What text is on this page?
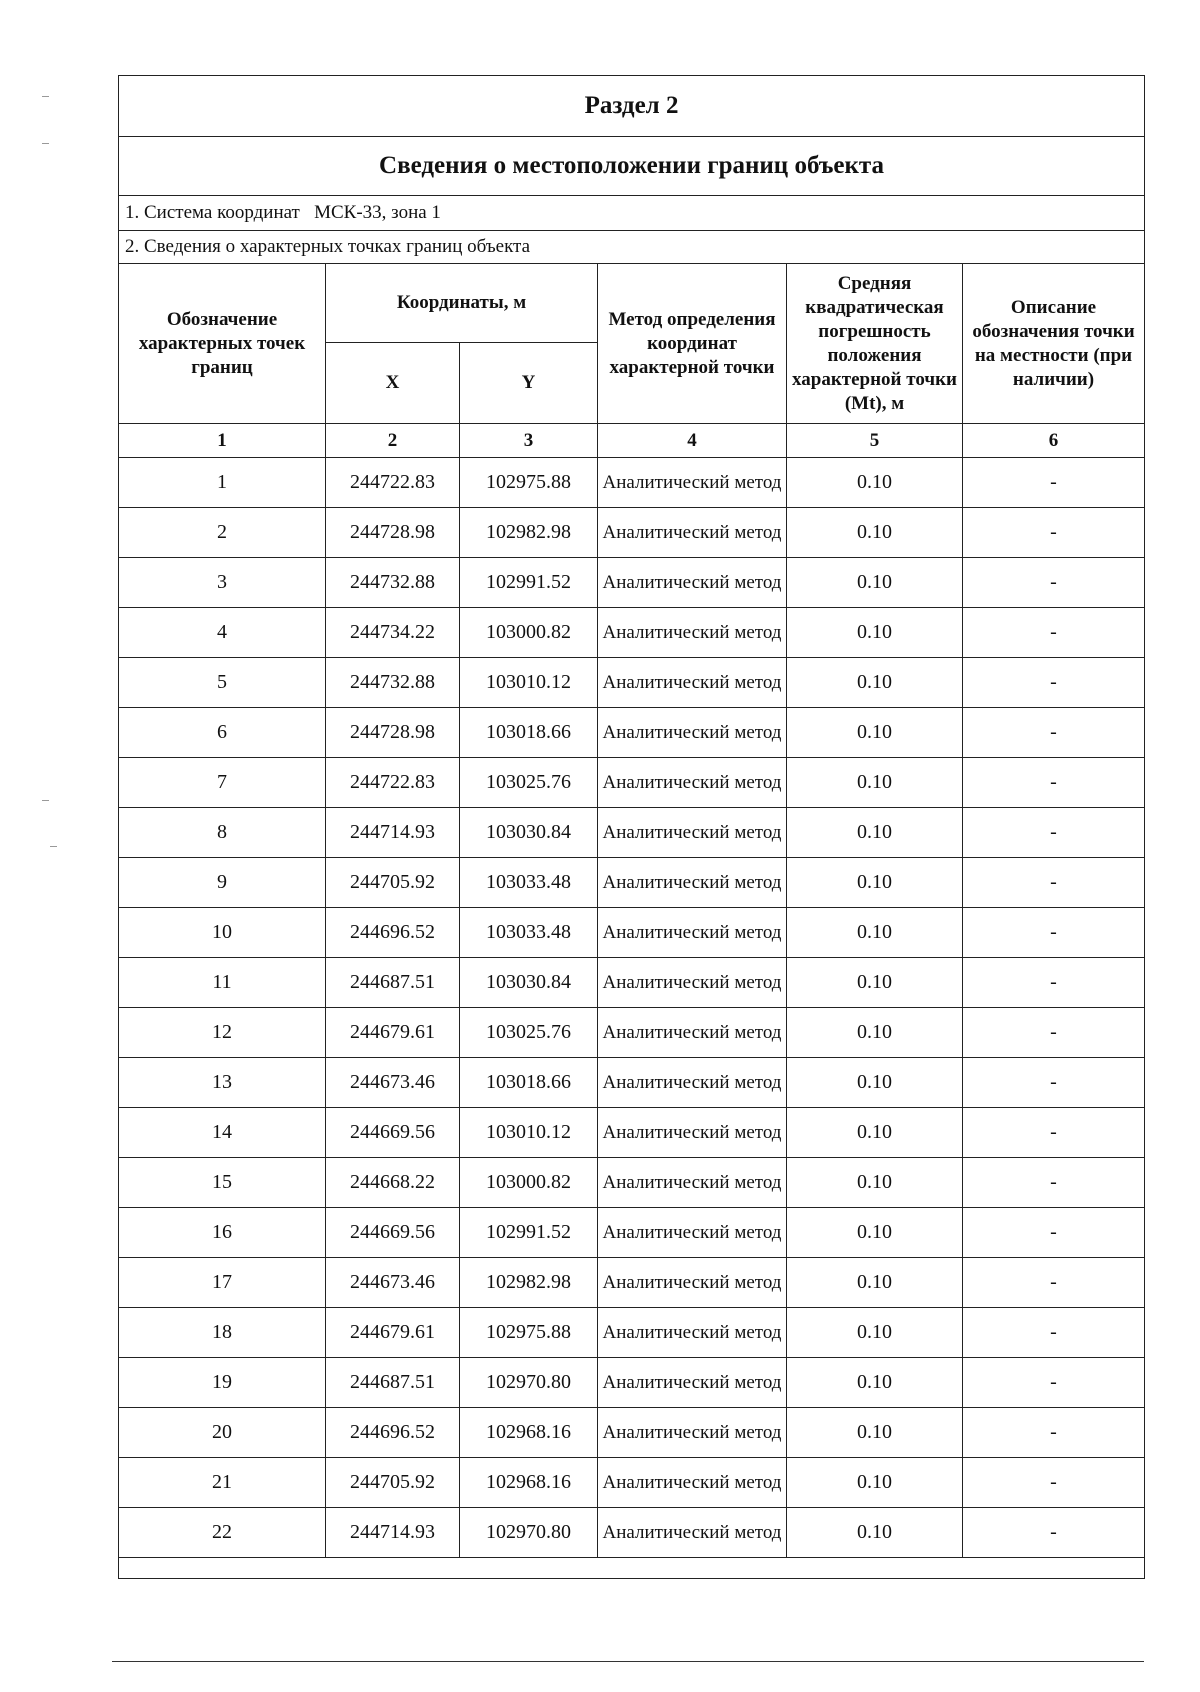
Раздел 2					
Сведения о местоположении границ объекта					
1. Система координат МСК-33, зона 1					
2. Сведения о характерных точках границ объекта					
Обозначение характерных точек границ	Координаты, м		Метод определения координат характерной точки	Средняя квадратическая погрешность положения характерной точки (Mt), м	Описание обозначения точки на местности (при наличии)
	X	Y			
1	2	3	4	5	6
1	244722.83	102975.88	Аналитический метод	0.10	-
2	244728.98	102982.98	Аналитический метод	0.10	-
3	244732.88	102991.52	Аналитический метод	0.10	-
4	244734.22	103000.82	Аналитический метод	0.10	-
5	244732.88	103010.12	Аналитический метод	0.10	-
6	244728.98	103018.66	Аналитический метод	0.10	-
7	244722.83	103025.76	Аналитический метод	0.10	-
8	244714.93	103030.84	Аналитический метод	0.10	-
9	244705.92	103033.48	Аналитический метод	0.10	-
10	244696.52	103033.48	Аналитический метод	0.10	-
11	244687.51	103030.84	Аналитический метод	0.10	-
12	244679.61	103025.76	Аналитический метод	0.10	-
13	244673.46	103018.66	Аналитический метод	0.10	-
14	244669.56	103010.12	Аналитический метод	0.10	-
15	244668.22	103000.82	Аналитический метод	0.10	-
16	244669.56	102991.52	Аналитический метод	0.10	-
17	244673.46	102982.98	Аналитический метод	0.10	-
18	244679.61	102975.88	Аналитический метод	0.10	-
19	244687.51	102970.80	Аналитический метод	0.10	-
20	244696.52	102968.16	Аналитический метод	0.10	-
21	244705.92	102968.16	Аналитический метод	0.10	-
22	244714.93	102970.80	Аналитический метод	0.10	-
